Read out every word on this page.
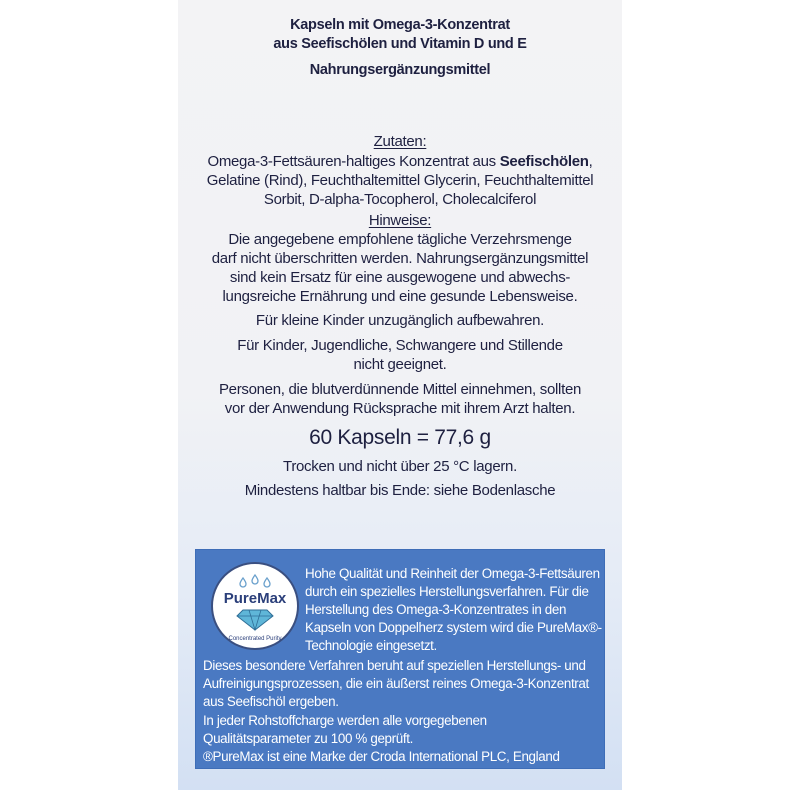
Kapseln mit Omega-3-Konzentrat
aus Seefischölen und Vitamin D und E
Nahrungsergänzungsmittel
Zutaten:
Omega-3-Fettsäuren-haltiges Konzentrat aus Seefischölen,
Gelatine (Rind), Feuchthaltemittel Glycerin, Feuchthaltemittel
Sorbit, D-alpha-Tocopherol, Cholecalciferol
Hinweise:
Die angegebene empfohlene tägliche Verzehrsmenge
darf nicht überschritten werden. Nahrungsergänzungsmittel
sind kein Ersatz für eine ausgewogene und abwechs-
lungsreiche Ernährung und eine gesunde Lebensweise.
Für kleine Kinder unzugänglich aufbewahren.
Für Kinder, Jugendliche, Schwangere und Stillende
nicht geeignet.
Personen, die blutverdünnende Mittel einnehmen, sollten
vor der Anwendung Rücksprache mit ihrem Arzt halten.
60 Kapseln = 77,6 g
Trocken und nicht über 25 °C lagern.
Mindestens haltbar bis Ende: siehe Bodenlasche
PureMax
Concentrated Purity
Hohe Qualität und Reinheit der Omega-3-Fettsäuren
durch ein spezielles Herstellungsverfahren. Für die
Herstellung des Omega-3-Konzentrates in den
Kapseln von Doppelherz system wird die PureMax®-
Technologie eingesetzt.
Dieses besondere Verfahren beruht auf speziellen Herstellungs- und
Aufreinigungsprozessen, die ein äußerst reines Omega-3-Konzentrat
aus Seefischöl ergeben.
In jeder Rohstoffcharge werden alle vorgegebenen
Qualitätsparameter zu 100 % geprüft.
®PureMax ist eine Marke der Croda International PLC, England
